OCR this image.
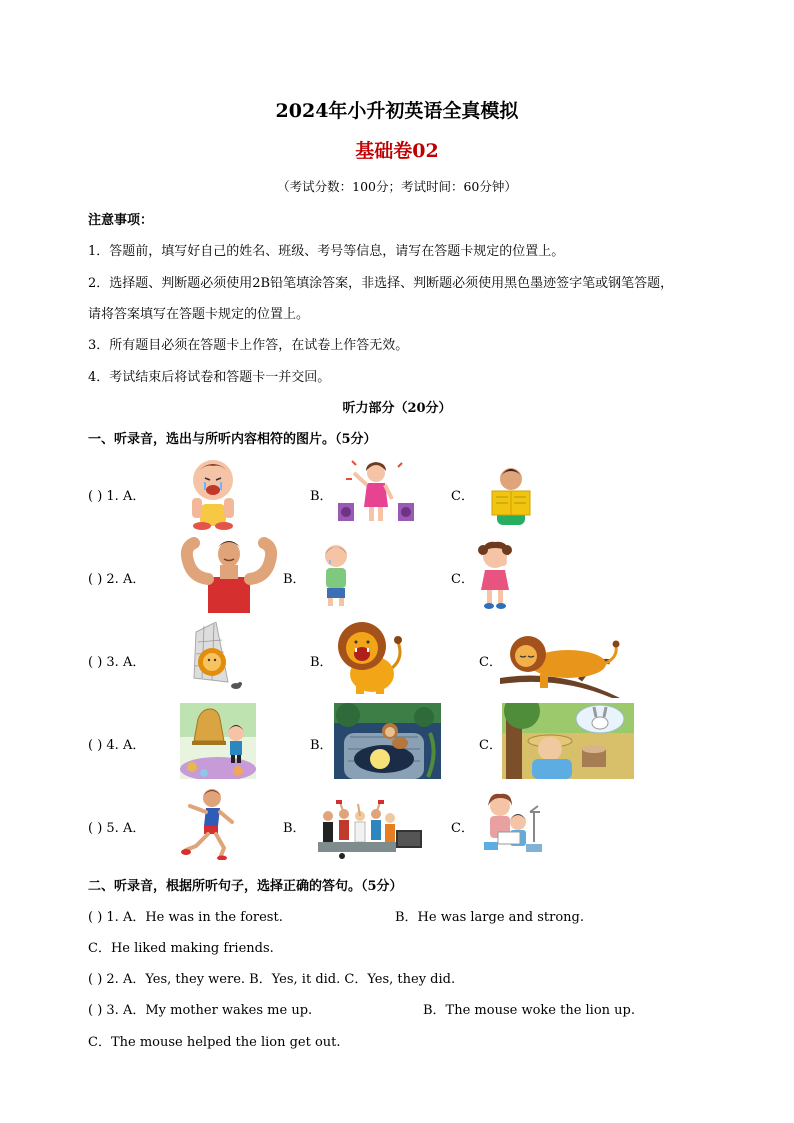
2024年小升初英语全真模拟
基础卷02
（考试分数：100分；考试时间：60分钟）
注意事项：
1．答题前，填写好自己的姓名、班级、考号等信息，请写在答题卡规定的位置上。
2．选择题、判断题必须使用2B铅笔填涂答案，非选择、判断题必须使用黑色墨迹签字笔或钢笔答题，
请将答案填写在答题卡规定的位置上。
3．所有题目必须在答题卡上作答，在试卷上作答无效。
4．考试结束后将试卷和答题卡一并交回。
听力部分（20分）
一、听录音，选出与所听内容相符的图片。（5分）
( ) 1. A．	B．	C．
( ) 2. A．	B．	C．
( ) 3. A．	B．	C．
( ) 4. A．	B．	C．
( ) 5. A．	B．	C．
二、听录音，根据所听句子，选择正确的答句。（5分）
( ) 1. A．He was in the forest.	B．He was large and strong.
C．He liked making friends.
( ) 2. A．Yes, they were. B．Yes, it did. C．Yes, they did.
( ) 3. A．My mother wakes me up.	B．The mouse woke the lion up.
C．The mouse helped the lion get out.
